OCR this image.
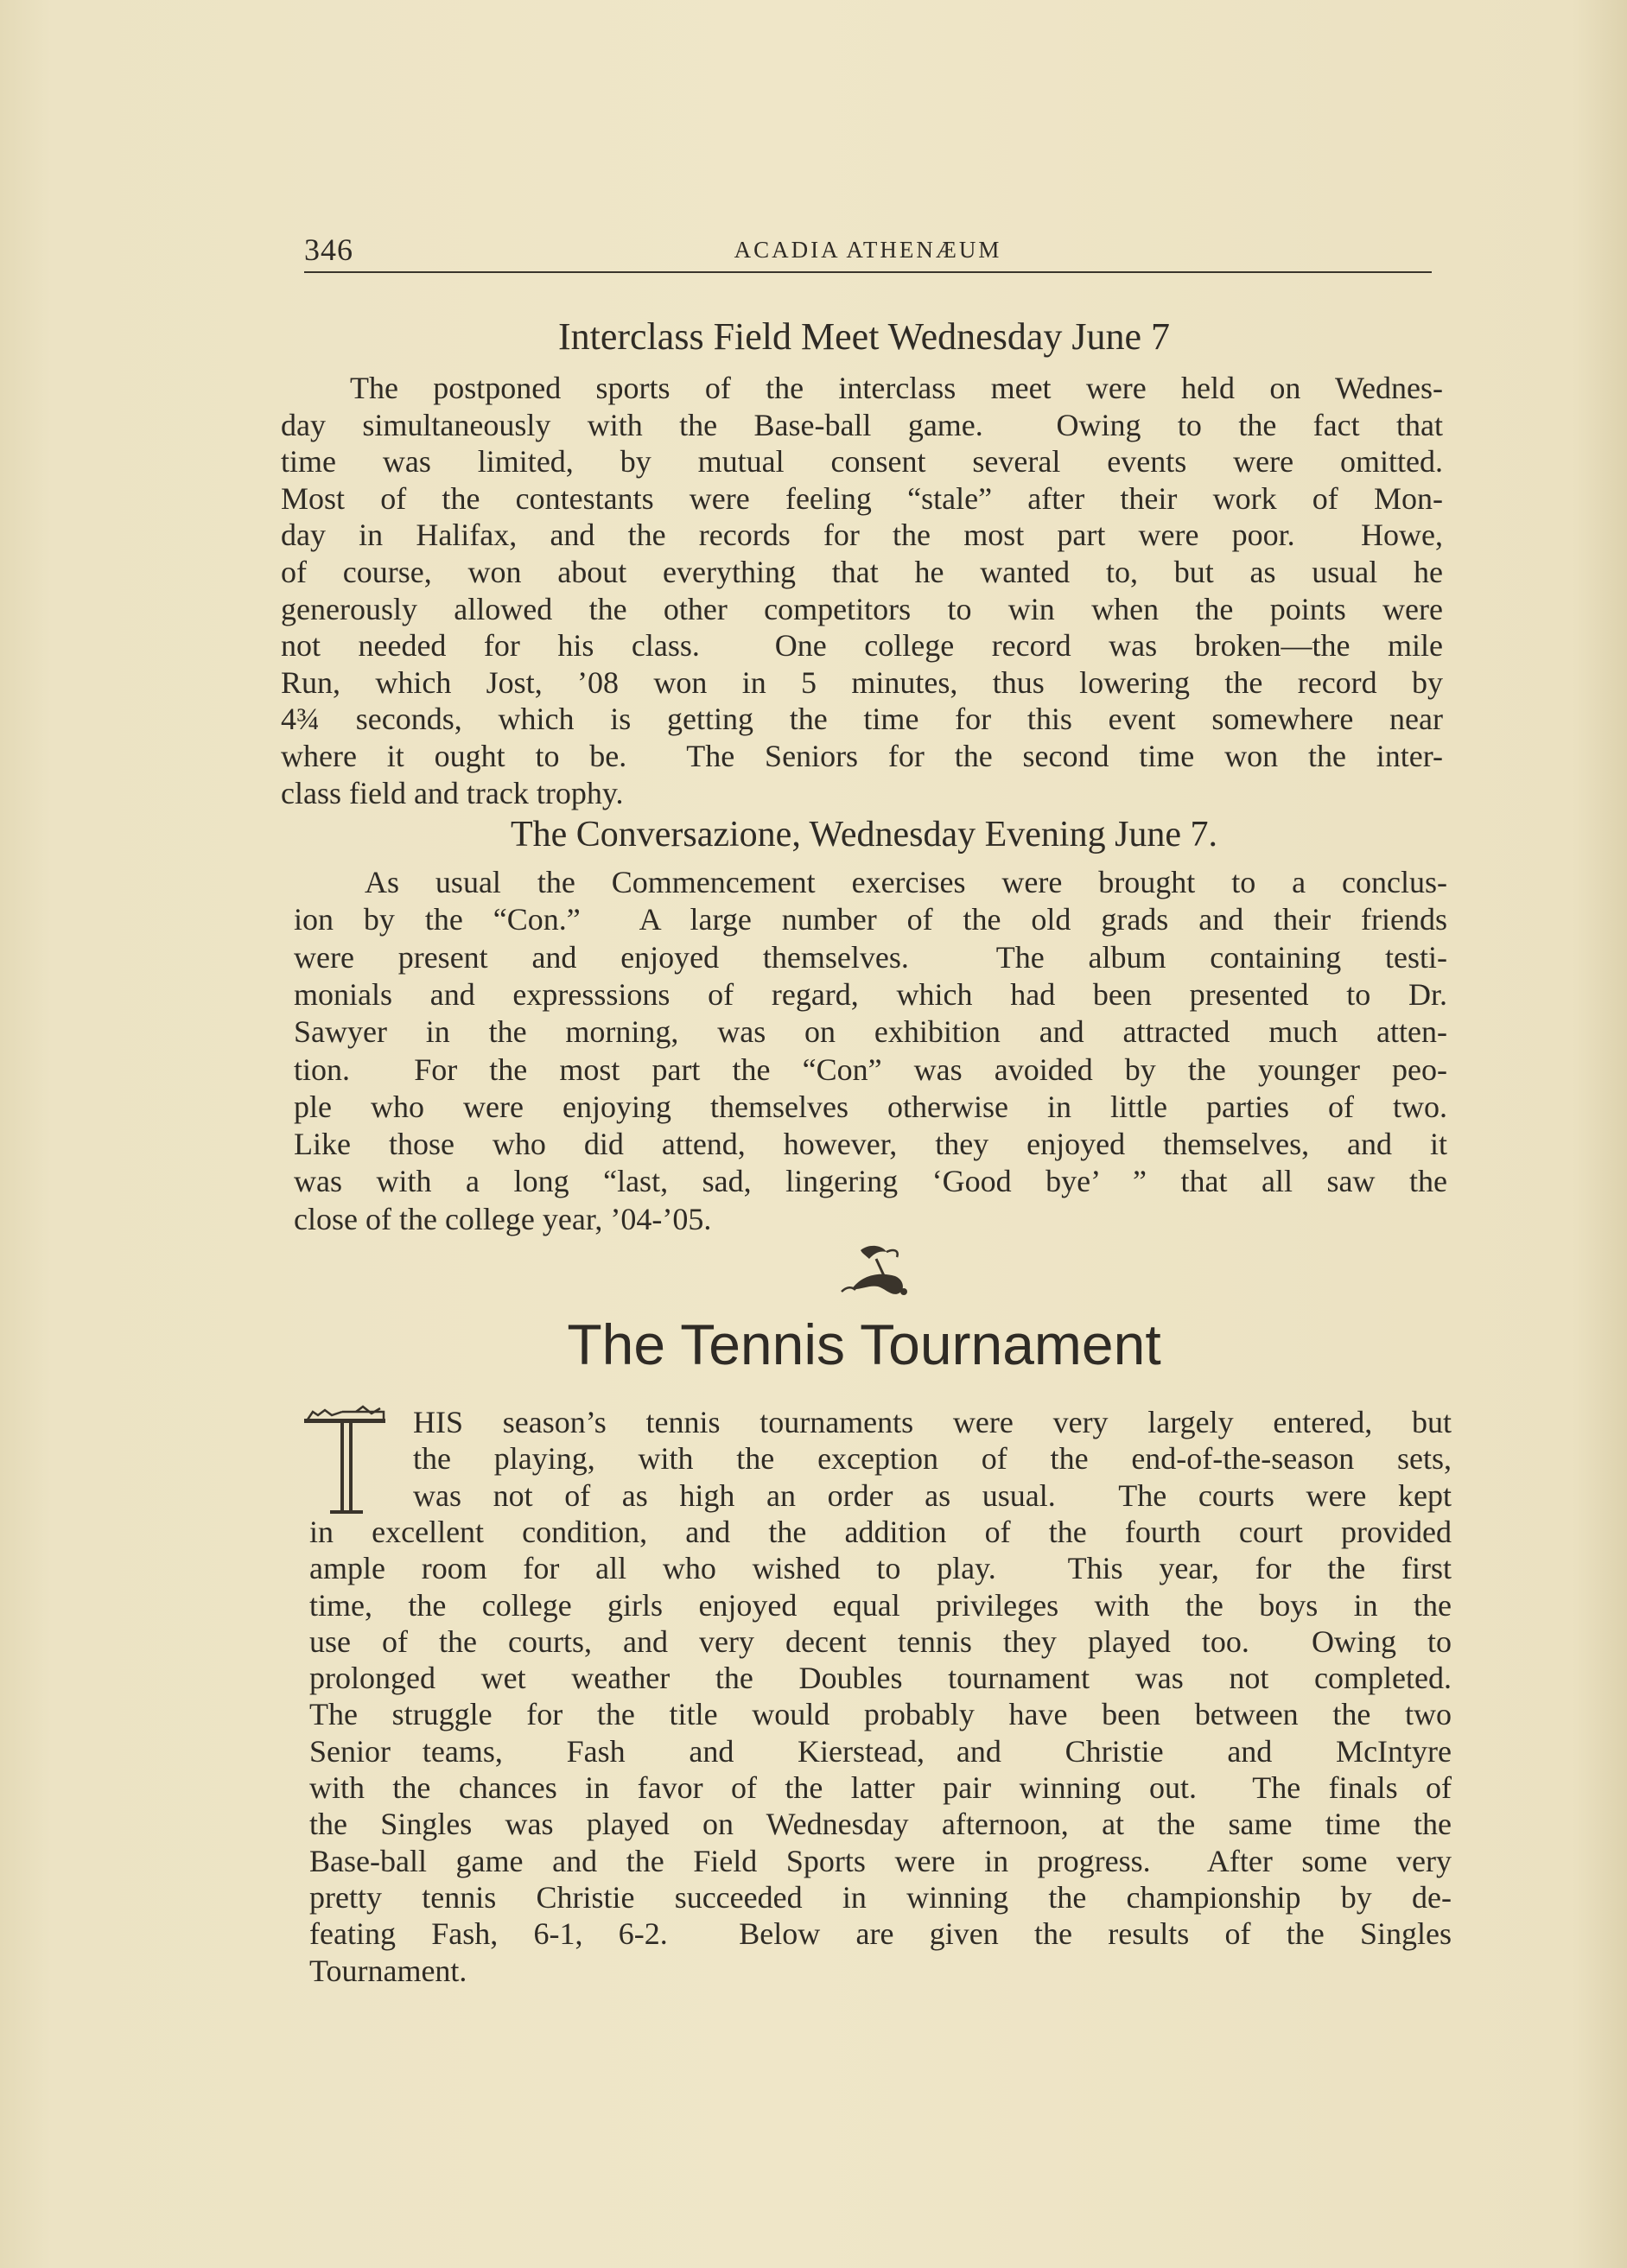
346	ACADIA ATHENÆUM
Interclass Field Meet Wednesday June 7
The postponed sports of the interclass meet were held on Wednes-
day simultaneously with the Base-ball game.  Owing to the fact that
time was limited, by mutual consent several events were omitted.
Most of the contestants were feeling “stale” after their work of Mon-
day in Halifax, and the records for the most part were poor.  Howe,
of course, won about everything that he wanted to, but as usual he
generously allowed the other competitors to win when the points were
not needed for his class.  One college record was broken—the mile
Run, which Jost, ’08 won in 5 minutes, thus lowering the record by
4¾ seconds, which is getting the time for this event somewhere near
where it ought to be.  The Seniors for the second time won the inter-
class field and track trophy.
The Conversazione, Wednesday Evening June 7.
As usual the Commencement exercises were brought to a conclus-
ion by the “Con.”  A large number of the old grads and their friends
were present and enjoyed themselves.  The album containing testi-
monials and expresssions of regard, which had been presented to Dr.
Sawyer in the morning, was on exhibition and attracted much atten-
tion.  For the most part the “Con” was avoided by the younger peo-
ple who were enjoying themselves otherwise in little parties of two.
Like those who did attend, however, they enjoyed themselves, and it
was with a long “last, sad, lingering ‘Good bye’ ” that all saw the
close of the college year, ’04-’05.
The Tennis Tournament
HIS season’s tennis tournaments were very largely entered, but
the playing, with the exception of the end-of-the-season sets,
was not of as high an order as usual.  The courts were kept
in excellent condition, and the addition of the fourth court provided
ample room for all who wished to play.  This year, for the first
time, the college girls enjoyed equal privileges with the boys in the
use of the courts, and very decent tennis they played too.  Owing to
prolonged wet weather the Doubles tournament was not completed.
The struggle for the title would probably have been between the two
Senior teams,  Fash  and  Kierstead, and  Christie  and  McIntyre
with the chances in favor of the latter pair winning out.  The finals of
the Singles was played on Wednesday afternoon, at the same time the
Base-ball game and the Field Sports were in progress.  After some very
pretty tennis Christie succeeded in winning the championship by de-
feating Fash, 6-1, 6-2.  Below are given the results of the Singles
Tournament.
